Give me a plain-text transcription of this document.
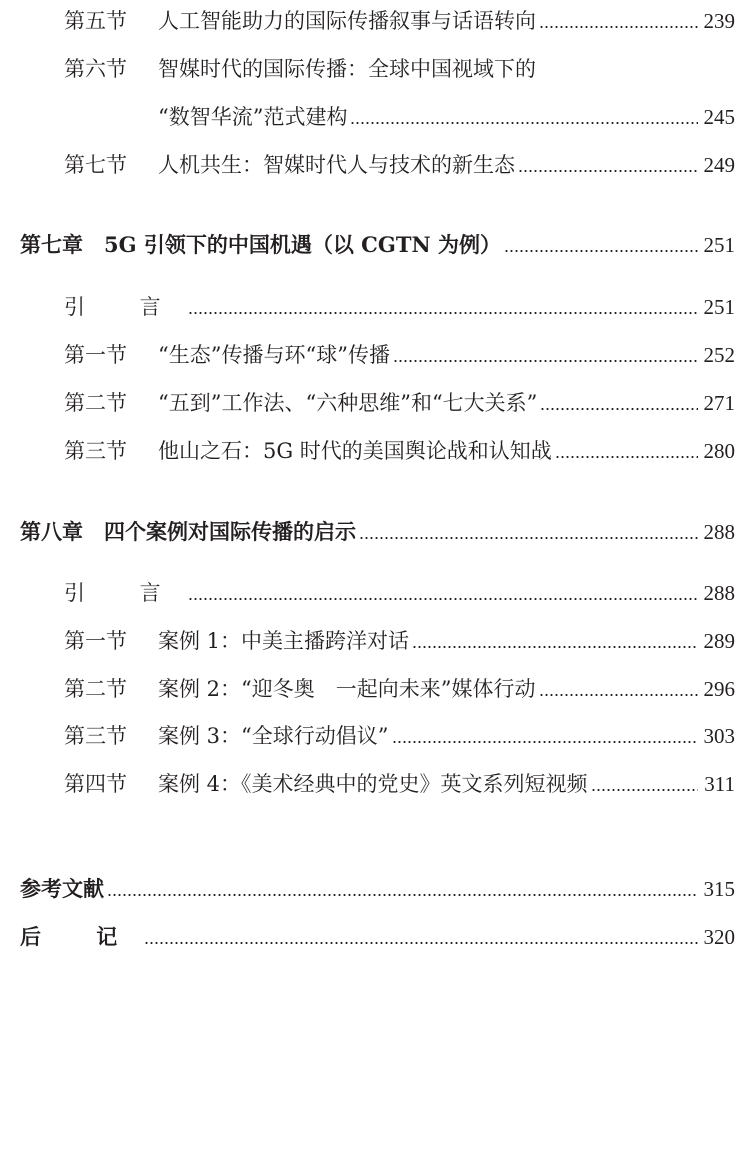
第五节	人工智能助力的国际传播叙事与话语转向	239
第六节	智媒时代的国际传播：全球中国视域下的
“数智华流”范式建构	245
第七节	人机共生：智媒时代人与技术的新生态	249
第七章	5G 引领下的中国机遇（以 CGTN 为例）	251
引 言	251
第一节	“生态”传播与环“球”传播	252
第二节	“五到”工作法、“六种思维”和“七大关系”	271
第三节	他山之石：5G 时代的美国舆论战和认知战	280
第八章	四个案例对国际传播的启示	288
引 言	288
第一节	案例 1：中美主播跨洋对话	289
第二节	案例 2：“迎冬奥　一起向未来”媒体行动	296
第三节	案例 3：“全球行动倡议”	303
第四节	案例 4：《美术经典中的党史》英文系列短视频	311
参考文献	315
后 记	320
